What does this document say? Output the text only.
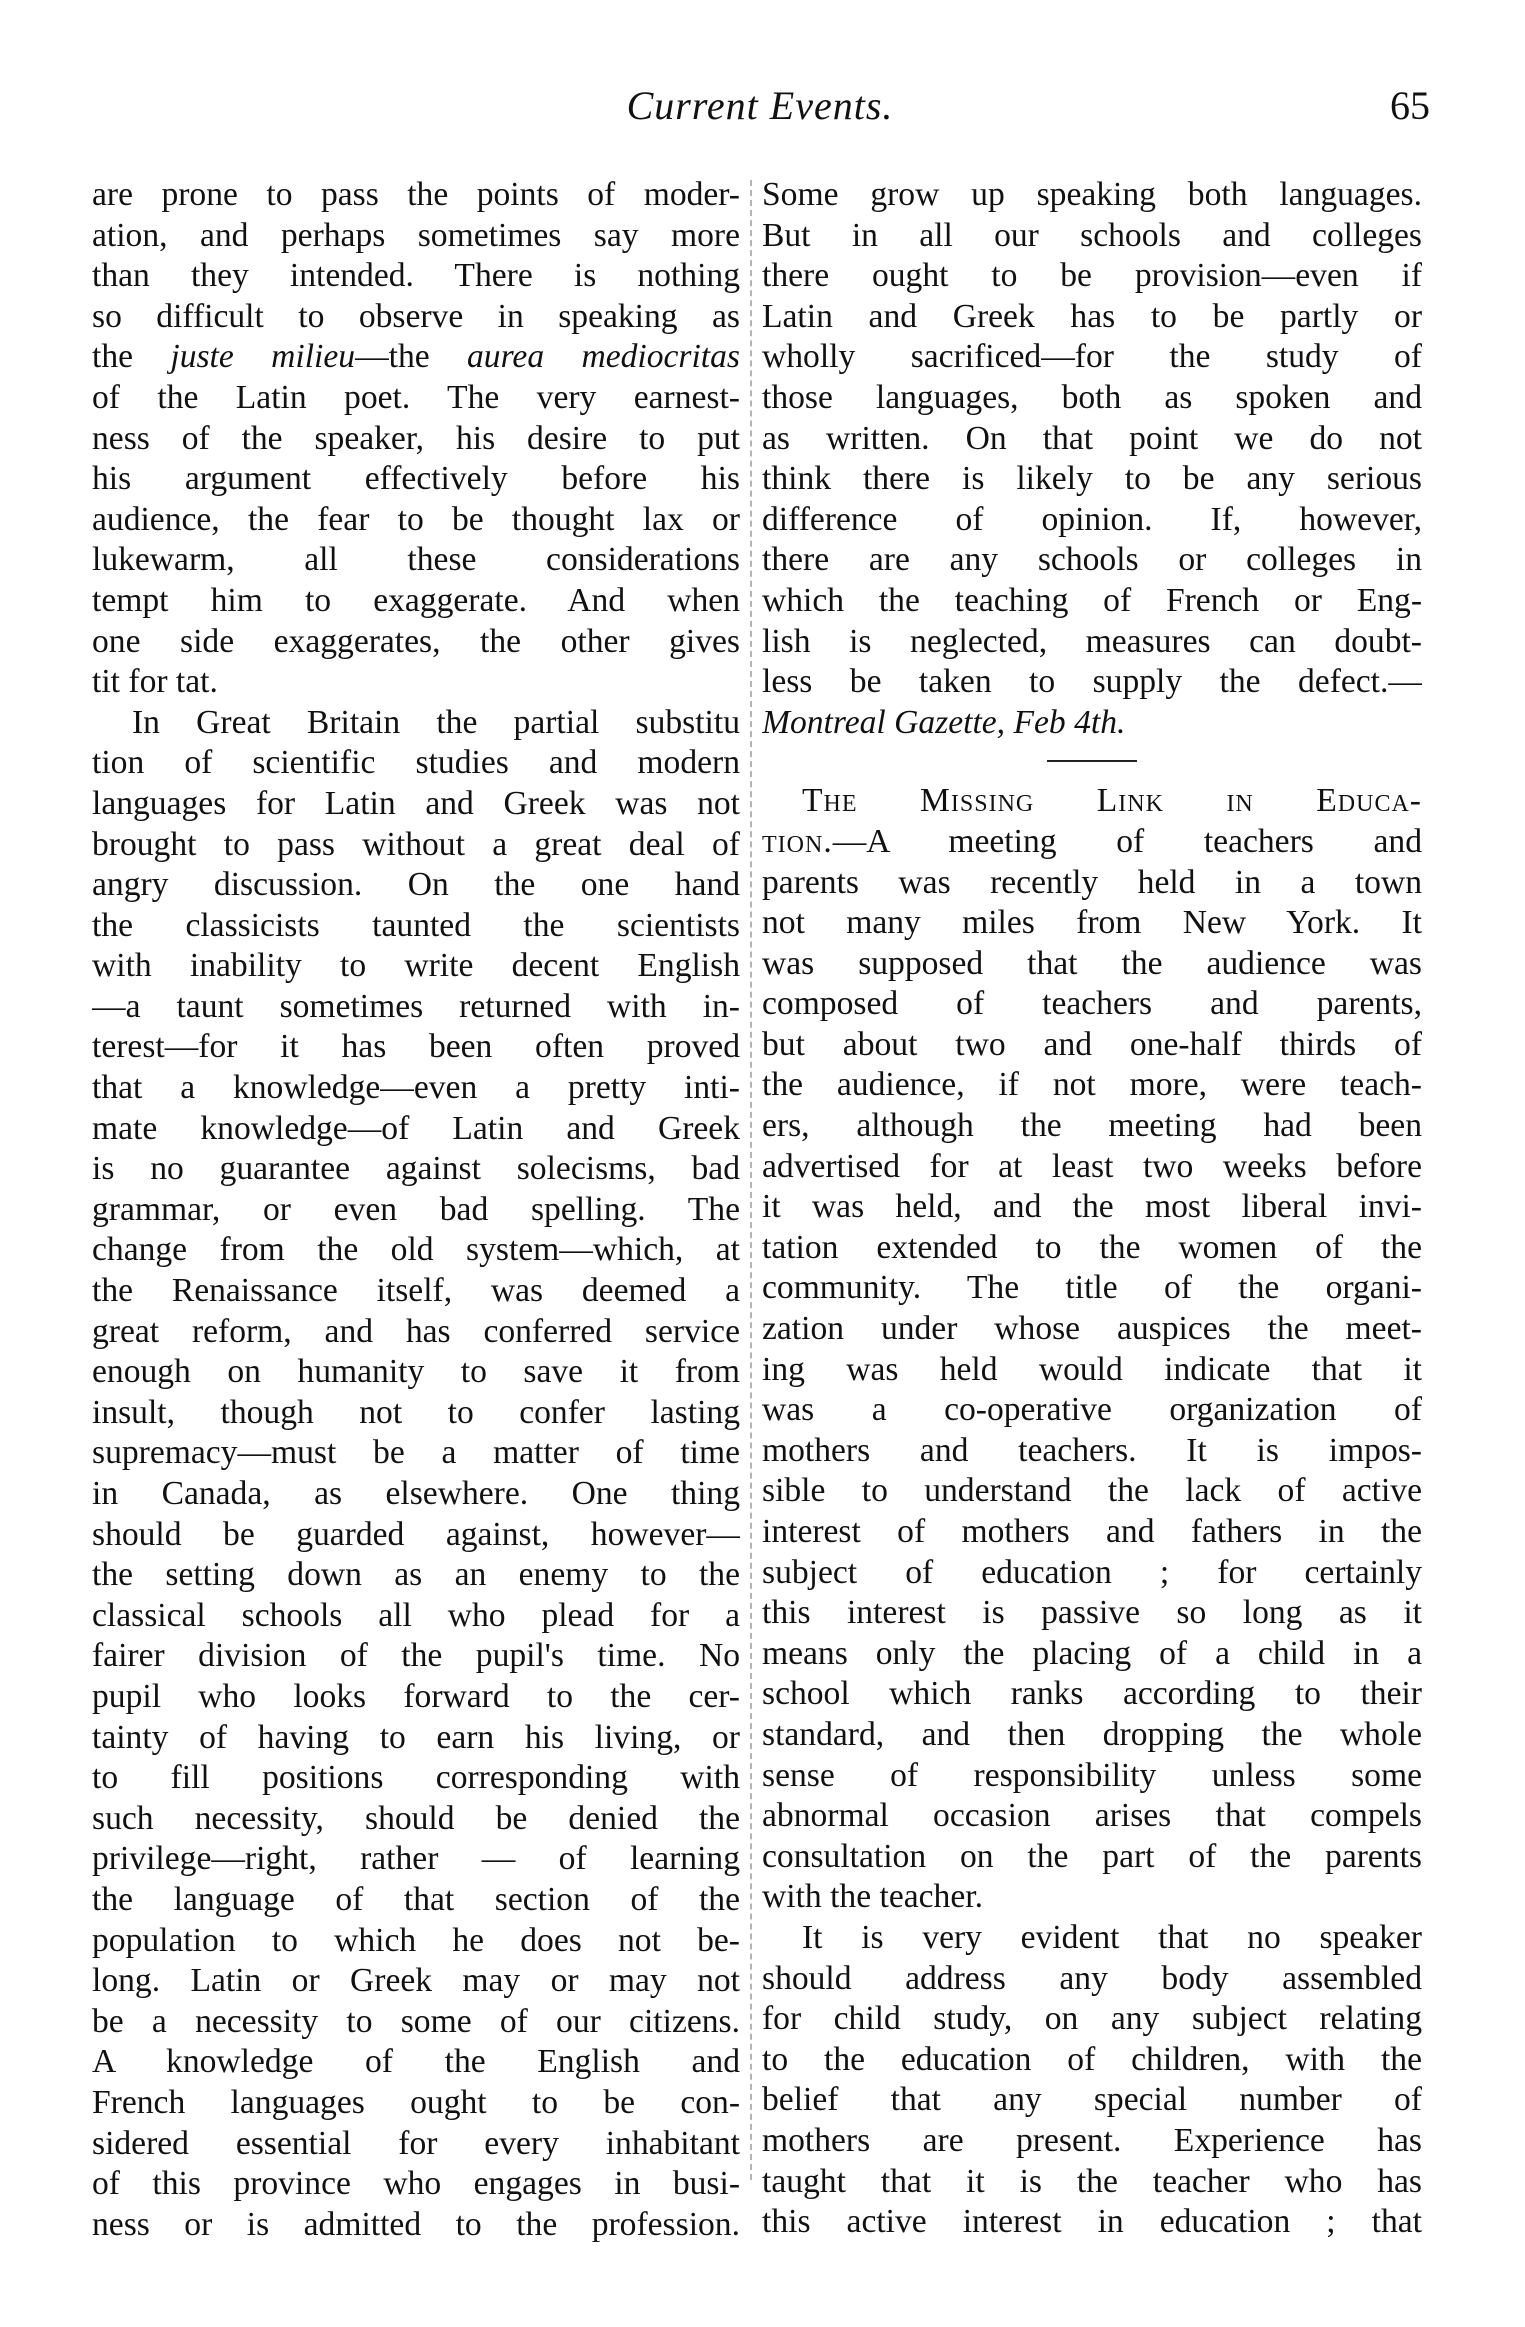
Current Events.	65
are prone to pass the points of moder-
ation, and perhaps sometimes say more
than they intended. There is nothing
so difficult to observe in speaking as
the juste milieu—the aurea mediocritas
of the Latin poet. The very earnest-
ness of the speaker, his desire to put
his argument effectively before his
audience, the fear to be thought lax or
lukewarm, all these considerations
tempt him to exaggerate. And when
one side exaggerates, the other gives
tit for tat.
In Great Britain the partial substitu
tion of scientific studies and modern
languages for Latin and Greek was not
brought to pass without a great deal of
angry discussion. On the one hand
the classicists taunted the scientists
with inability to write decent English
—a taunt sometimes returned with in-
terest—for it has been often proved
that a knowledge—even a pretty inti-
mate knowledge—of Latin and Greek
is no guarantee against solecisms, bad
grammar, or even bad spelling. The
change from the old system—which, at
the Renaissance itself, was deemed a
great reform, and has conferred service
enough on humanity to save it from
insult, though not to confer lasting
supremacy—must be a matter of time
in Canada, as elsewhere. One thing
should be guarded against, however—
the setting down as an enemy to the
classical schools all who plead for a
fairer division of the pupil's time. No
pupil who looks forward to the cer-
tainty of having to earn his living, or
to fill positions corresponding with
such necessity, should be denied the
privilege—right, rather — of learning
the language of that section of the
population to which he does not be-
long. Latin or Greek may or may not
be a necessity to some of our citizens.
A knowledge of the English and
French languages ought to be con-
sidered essential for every inhabitant
of this province who engages in busi-
ness or is admitted to the profession.
Some grow up speaking both languages.
But in all our schools and colleges
there ought to be provision—even if
Latin and Greek has to be partly or
wholly sacrificed—for the study of
those languages, both as spoken and
as written. On that point we do not
think there is likely to be any serious
difference of opinion. If, however,
there are any schools or colleges in
which the teaching of French or Eng-
lish is neglected, measures can doubt-
less be taken to supply the defect.—
Montreal Gazette, Feb 4th.
The Missing Link in Educa-
tion.—A meeting of teachers and
parents was recently held in a town
not many miles from New York. It
was supposed that the audience was
composed of teachers and parents,
but about two and one-half thirds of
the audience, if not more, were teach-
ers, although the meeting had been
advertised for at least two weeks before
it was held, and the most liberal invi-
tation extended to the women of the
community. The title of the organi-
zation under whose auspices the meet-
ing was held would indicate that it
was a co-operative organization of
mothers and teachers. It is impos-
sible to understand the lack of active
interest of mothers and fathers in the
subject of education ; for certainly
this interest is passive so long as it
means only the placing of a child in a
school which ranks according to their
standard, and then dropping the whole
sense of responsibility unless some
abnormal occasion arises that compels
consultation on the part of the parents
with the teacher.
It is very evident that no speaker
should address any body assembled
for child study, on any subject relating
to the education of children, with the
belief that any special number of
mothers are present. Experience has
taught that it is the teacher who has
this active interest in education ; that
